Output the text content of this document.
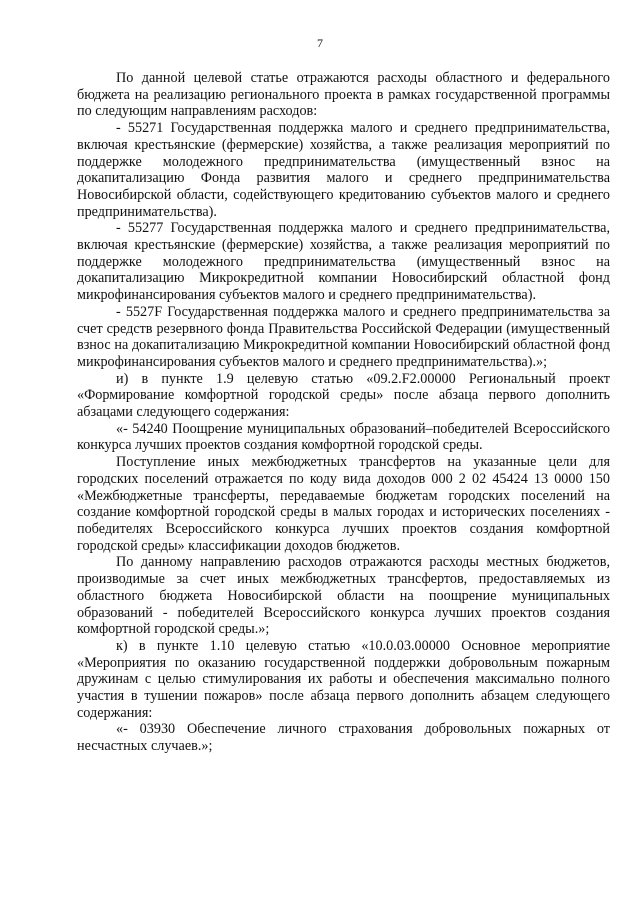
7

По данной целевой статье отражаются расходы областного и федерального бюджета на реализацию регионального проекта в рамках государственной программы по следующим направлениям расходов:

- 55271 Государственная поддержка малого и среднего предпринимательства, включая крестьянские (фермерские) хозяйства, а также реализация мероприятий по поддержке молодежного предпринимательства (имущественный взнос на докапитализацию Фонда развития малого и среднего предпринимательства Новосибирской области, содействующего кредитованию субъектов малого и среднего предпринимательства).

- 55277 Государственная поддержка малого и среднего предпринимательства, включая крестьянские (фермерские) хозяйства, а также реализация мероприятий по поддержке молодежного предпринимательства (имущественный взнос на докапитализацию Микрокредитной компании Новосибирский областной фонд микрофинансирования субъектов малого и среднего предпринимательства).

- 5527F Государственная поддержка малого и среднего предпринимательства за счет средств резервного фонда Правительства Российской Федерации (имущественный взнос на докапитализацию Микрокредитной компании Новосибирский областной фонд микрофинансирования субъектов малого и среднего предпринимательства).»;

и) в пункте 1.9 целевую статью «09.2.F2.00000 Региональный проект «Формирование комфортной городской среды» после абзаца первого дополнить абзацами следующего содержания:

«- 54240 Поощрение муниципальных образований–победителей Всероссийского конкурса лучших проектов создания комфортной городской среды.

Поступление иных межбюджетных трансфертов на указанные цели для городских поселений отражается по коду вида доходов 000 2 02 45424 13 0000 150 «Межбюджетные трансферты, передаваемые бюджетам городских поселений на создание комфортной городской среды в малых городах и исторических поселениях - победителях Всероссийского конкурса лучших проектов создания комфортной городской среды» классификации доходов бюджетов.

По данному направлению расходов отражаются расходы местных бюджетов, производимые за счет иных межбюджетных трансфертов, предоставляемых из областного бюджета Новосибирской области на поощрение муниципальных образований - победителей Всероссийского конкурса лучших проектов создания комфортной городской среды.»;

к) в пункте 1.10 целевую статью «10.0.03.00000 Основное мероприятие «Мероприятия по оказанию государственной поддержки добровольным пожарным дружинам с целью стимулирования их работы и обеспечения максимально полного участия в тушении пожаров» после абзаца первого дополнить абзацем следующего содержания:

«- 03930 Обеспечение личного страхования добровольных пожарных от несчастных случаев.»;
